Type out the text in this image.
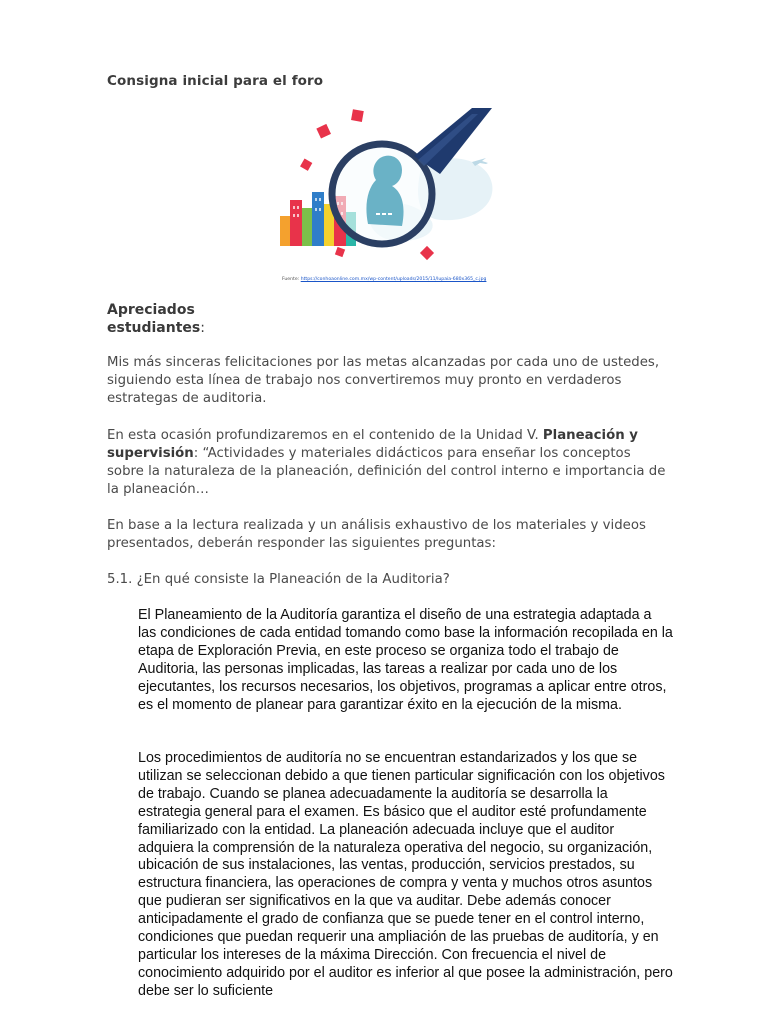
Consigna inicial para el foro
Fuente: https://conhoaonline.com.mx/wp-content/uploads/2015/11/lupaia-680x365_c.jpg
Apreciados
estudiantes:
Mis más sinceras felicitaciones por las metas alcanzadas por cada uno de ustedes, siguiendo esta línea de trabajo nos convertiremos muy pronto en verdaderos estrategas de auditoria.
En esta ocasión profundizaremos en el contenido de la Unidad V. Planeación y supervisión: “Actividades y materiales didácticos para enseñar los conceptos sobre la naturaleza de la planeación, definición del control interno e importancia de la planeación…
En base a la lectura realizada y un análisis exhaustivo de los materiales y videos presentados, deberán responder las siguientes preguntas:
5.1. ¿En qué consiste la Planeación de la Auditoria?
El Planeamiento de la Auditoría garantiza el diseño de una estrategia adaptada a las condiciones de cada entidad tomando como base la información recopilada en la etapa de Exploración Previa, en este proceso se organiza todo el trabajo de Auditoria, las personas implicadas, las tareas a realizar por cada uno de los ejecutantes, los recursos necesarios, los objetivos, programas a aplicar entre otros, es el momento de planear para garantizar éxito en la ejecución de la misma.
Los procedimientos de auditoría no se encuentran estandarizados y los que se utilizan se seleccionan debido a que tienen particular significación con los objetivos de trabajo. Cuando se planea adecuadamente la auditoría se desarrolla la estrategia general para el examen. Es básico que el auditor esté profundamente familiarizado con la entidad. La planeación adecuada incluye que el auditor adquiera la comprensión de la naturaleza operativa del negocio, su organización, ubicación de sus instalaciones, las ventas, producción, servicios prestados, su estructura financiera, las operaciones de compra y venta y muchos otros asuntos que pudieran ser significativos en la que va auditar. Debe además conocer anticipadamente el grado de confianza que se puede tener en el control interno, condiciones que puedan requerir una ampliación de las pruebas de auditoría, y en particular los intereses de la máxima Dirección. Con frecuencia el nivel de conocimiento adquirido por el auditor es inferior al que posee la administración, pero debe ser lo suficiente
